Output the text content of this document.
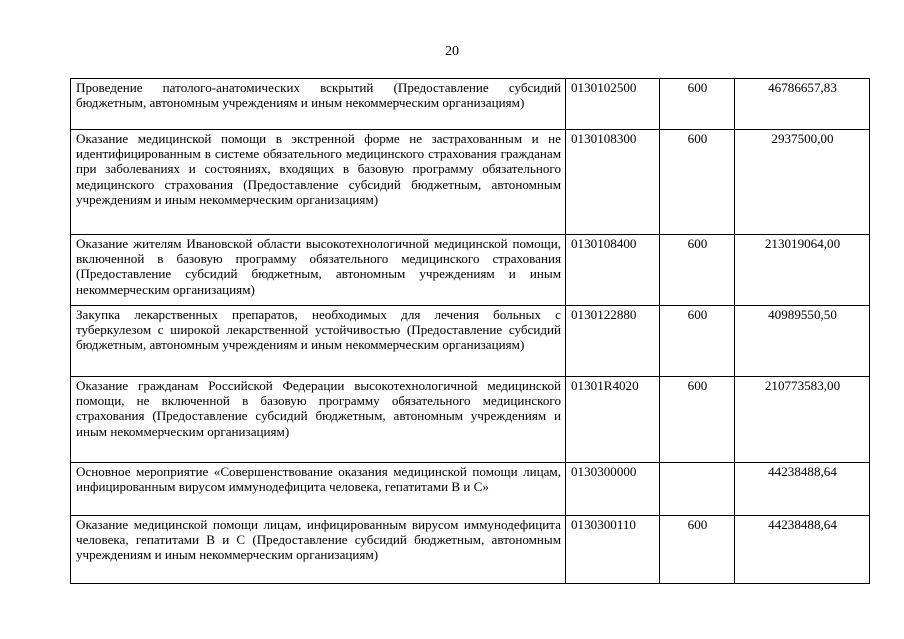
20
Проведение патолого-анатомических вскрытий (Предоставление субсидий бюджетным, автономным учреждениям и иным некоммерческим организациям)	0130102500	600	46786657,83
Оказание медицинской помощи в экстренной форме не застрахованным и не идентифицированным в системе обязательного медицинского страхования гражданам при заболеваниях и состояниях, входящих в базовую программу обязательного медицинского страхования (Предоставление субсидий бюджетным, автономным учреждениям и иным некоммерческим организациям)	0130108300	600	2937500,00
Оказание жителям Ивановской области высокотехнологичной медицинской помощи, включенной в базовую программу обязательного медицинского страхования (Предоставление субсидий бюджетным, автономным учреждениям и иным некоммерческим организациям)	0130108400	600	213019064,00
Закупка лекарственных препаратов, необходимых для лечения больных с туберкулезом с широкой лекарственной устойчивостью (Предоставление субсидий бюджетным, автономным учреждениям и иным некоммерческим организациям)	0130122880	600	40989550,50
Оказание гражданам Российской Федерации высокотехнологичной медицинской помощи, не включенной в базовую программу обязательного медицинского страхования (Предоставление субсидий бюджетным, автономным учреждениям и иным некоммерческим организациям)	01301R4020	600	210773583,00
Основное мероприятие «Совершенствование оказания медицинской помощи лицам, инфицированным вирусом иммунодефицита человека, гепатитами B и C»	0130300000		44238488,64
Оказание медицинской помощи лицам, инфицированным вирусом иммунодефицита человека, гепатитами B и C (Предоставление субсидий бюджетным, автономным учреждениям и иным некоммерческим организациям)	0130300110	600	44238488,64
